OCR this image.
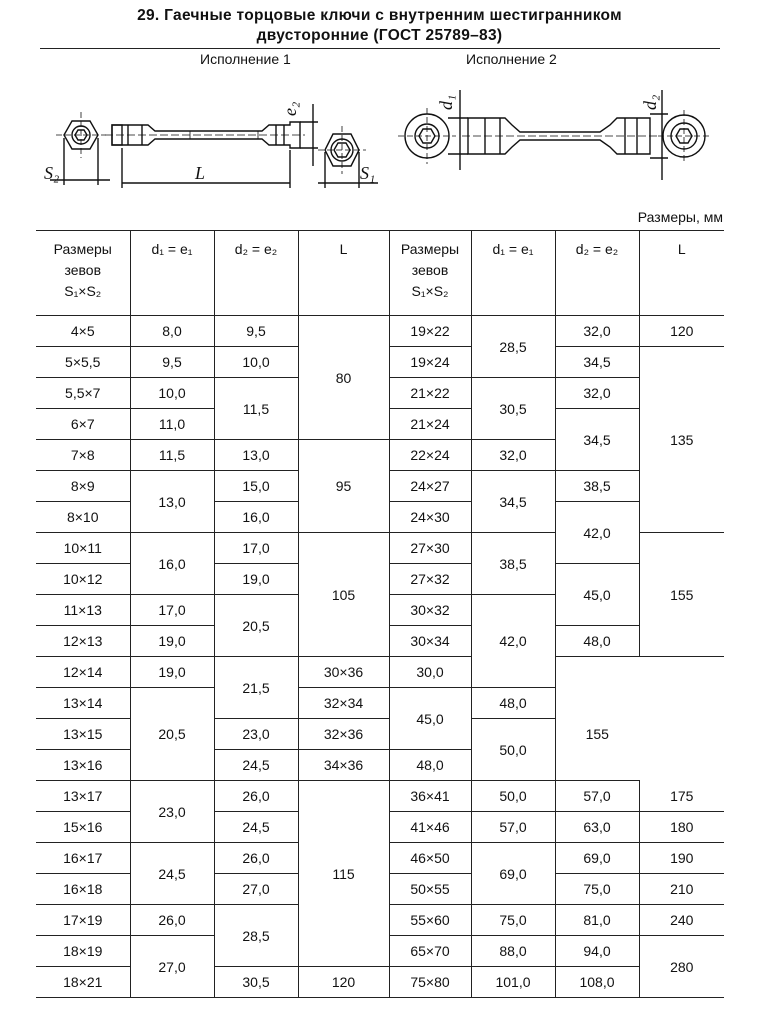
29. Гаечные торцовые ключи с внутренним шестигранником
двусторонние (ГОСТ 25789–83)
Исполнение 1	Исполнение 2
S₂	L
e₂
S₁
d₁	d₂
Размеры, мм
Размеры
зевов
S₁×S₂	d₁ = e₁	d₂ = e₂	L	Размеры
зевов
S₁×S₂	d₁ = e₁	d₂ = e₂	L
4×5	8,0	9,5	80	19×22	28,5	32,0	120
5×5,5	9,5	10,0		19×24		34,5	135
5,5×7	10,0	11,5		21×22	30,5	32,0	
6×7	11,0			21×24		34,5	
7×8	11,5	13,0	95	22×24	32,0		
8×9	13,0	15,0		24×27	34,5	38,5	
8×10		16,0		24×30		42,0	
10×11	16,0	17,0	105	27×30	38,5		155
10×12		19,0		27×32		45,0	
11×13	17,0	20,5		30×32	42,0		
12×13	19,0			30×34		48,0	
12×14	19,0	21,5	30×36	30,0			
13×14	20,5		32×34	45,0	48,0	155	
13×15		23,0	32×36		50,0		
13×16		24,5	34×36	48,0			
13×17	23,0	26,0	115	36×41	50,0	57,0	175
15×16		24,5		41×46	57,0	63,0	180
16×17	24,5	26,0		46×50	69,0	69,0	190
16×18		27,0		50×55		75,0	210
17×19	26,0	28,5		55×60	75,0	81,0	240
18×19	27,0			65×70	88,0	94,0	280
18×21		30,5	120	75×80	101,0	108,0	
